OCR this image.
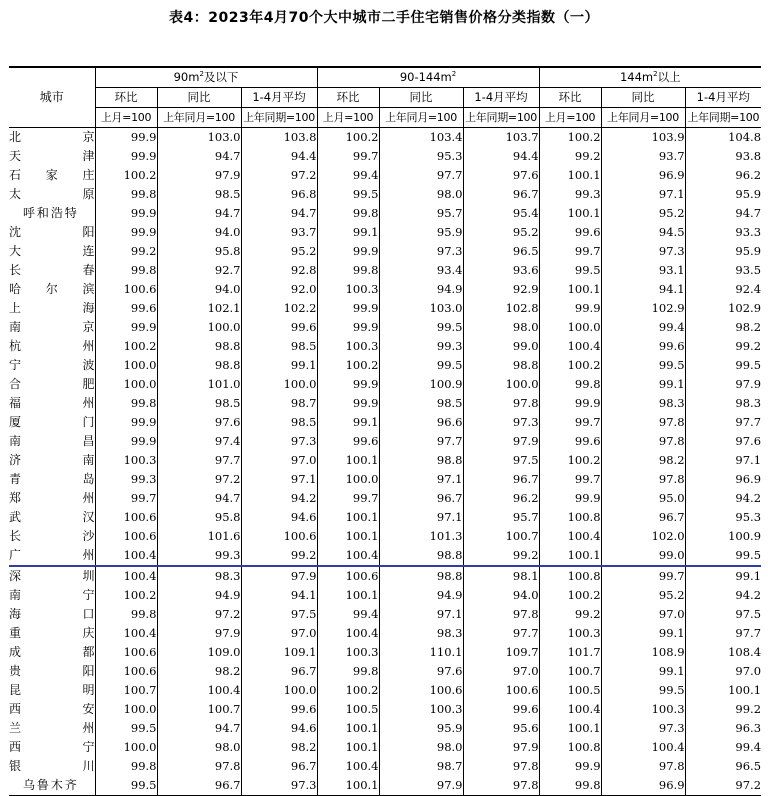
表4：2023年4月70个大中城市二手住宅销售价格分类指数（一）
城市	$90m^2$及以下			$90-144m^2$			$144m^2$以上		
	环比	同比	1-4月平均	环比	同比	1-4月平均	环比	同比	1-4月平均
	上月=100	上年同月=100	上年同期=100	上月=100	上年同月=100	上年同期=100	上月=100	上年同月=100	上年同期=100
北京	99.9	103.0	103.8	100.2	103.4	103.7	100.2	103.9	104.8
天津	99.9	94.7	94.4	99.7	95.3	94.4	99.2	93.7	93.8
石家庄	100.2	97.9	97.2	99.4	97.7	97.6	100.1	96.9	96.2
太原	99.8	98.5	96.8	99.5	98.0	96.7	99.3	97.1	95.9
呼和浩特	99.9	94.7	94.7	99.8	95.7	95.4	100.1	95.2	94.7
沈阳	99.9	94.0	93.7	99.1	95.9	95.2	99.6	94.5	93.3
大连	99.2	95.8	95.2	99.9	97.3	96.5	99.7	97.3	95.9
长春	99.8	92.7	92.8	99.8	93.4	93.6	99.5	93.1	93.5
哈尔滨	100.6	94.0	92.0	100.3	94.9	92.9	100.1	94.1	92.4
上海	99.6	102.1	102.2	99.9	103.0	102.8	99.9	102.9	102.9
南京	99.9	100.0	99.6	99.9	99.5	98.0	100.0	99.4	98.2
杭州	100.2	98.8	98.5	100.3	99.3	99.0	100.4	99.6	99.2
宁波	100.0	98.8	99.1	100.2	99.5	98.8	100.2	99.5	99.5
合肥	100.0	101.0	100.0	99.9	100.9	100.0	99.8	99.1	97.9
福州	99.8	98.5	98.7	99.9	98.5	97.8	99.9	98.3	98.3
厦门	99.9	97.6	98.5	99.1	96.6	97.3	99.7	97.8	97.7
南昌	99.9	97.4	97.3	99.6	97.7	97.9	99.6	97.8	97.6
济南	100.3	97.7	97.0	100.1	98.8	97.5	100.2	98.2	97.1
青岛	99.3	97.2	97.1	100.0	97.1	96.7	99.7	97.8	96.9
郑州	99.7	94.7	94.2	99.7	96.7	96.2	99.9	95.0	94.2
武汉	100.6	95.8	94.6	100.1	97.1	95.7	100.8	96.7	95.3
长沙	100.6	101.6	100.6	100.1	101.3	100.7	100.4	102.0	100.9
广州	100.4	99.3	99.2	100.4	98.8	99.2	100.1	99.0	99.5
深圳	100.4	98.3	97.9	100.6	98.8	98.1	100.8	99.7	99.1
南宁	100.2	94.9	94.1	100.1	94.9	94.0	100.2	95.2	94.2
海口	99.8	97.2	97.5	99.4	97.1	97.8	99.2	97.0	97.5
重庆	100.4	97.9	97.0	100.4	98.3	97.7	100.3	99.1	97.7
成都	100.6	109.0	109.1	100.3	110.1	109.7	101.7	108.9	108.4
贵阳	100.6	98.2	96.7	99.8	97.6	97.0	100.7	99.1	97.0
昆明	100.7	100.4	100.0	100.2	100.6	100.6	100.5	99.5	100.1
西安	100.0	100.7	99.6	100.5	100.3	99.6	100.4	100.3	99.2
兰州	99.5	94.7	94.6	100.1	95.9	95.6	100.1	97.3	96.3
西宁	100.0	98.0	98.2	100.1	98.0	97.9	100.8	100.4	99.4
银川	99.8	97.8	96.7	100.4	98.7	97.8	99.9	97.8	96.5
乌鲁木齐	99.5	96.7	97.3	100.1	97.9	97.8	99.8	96.9	97.2
